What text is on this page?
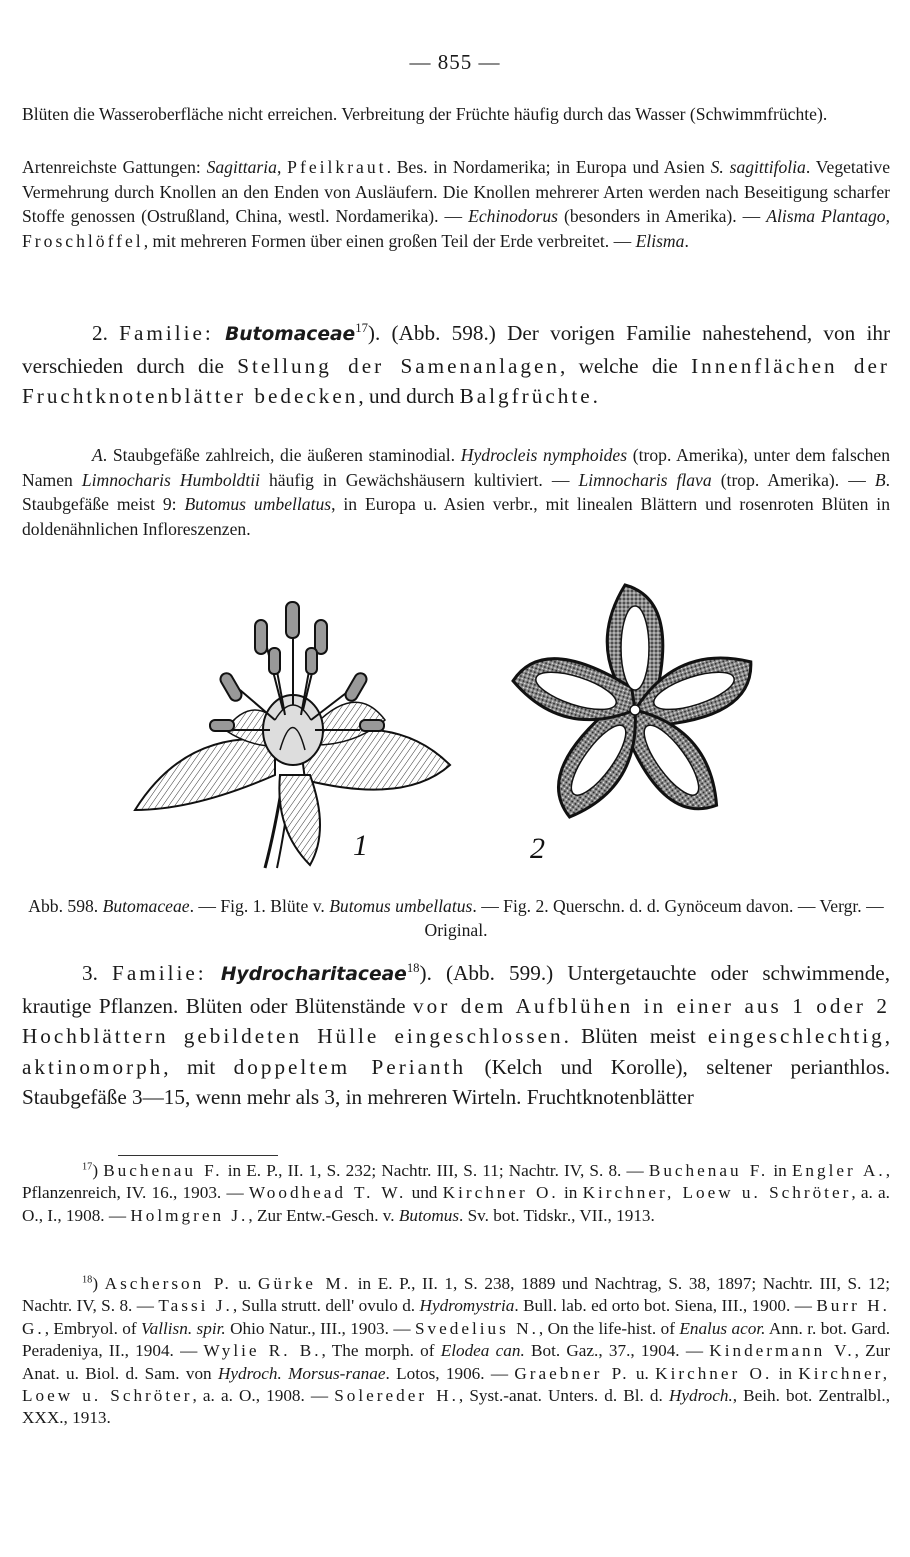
— 855 —

Blüten die Wasseroberfläche nicht erreichen. Verbreitung der Früchte häufig durch das Wasser (Schwimmfrüchte).

Artenreichste Gattungen: Sagittaria, Pfeilkraut. Bes. in Nordamerika; in Europa und Asien S. sagittifolia. Vegetative Vermehrung durch Knollen an den Enden von Ausläufern. Die Knollen mehrerer Arten werden nach Beseitigung scharfer Stoffe genossen (Ostrußland, China, westl. Nordamerika). — Echinodorus (besonders in Amerika). — Alisma Plantago, Froschlöffel, mit mehreren Formen über einen großen Teil der Erde verbreitet. — Elisma.

2. Familie: Butomaceae$^{17}$). (Abb. 598.) Der vorigen Familie nahestehend, von ihr verschieden durch die Stellung der Samenanlagen, welche die Innenflächen der Fruchtknotenblätter bedecken, und durch Balgfrüchte.

A. Staubgefäße zahlreich, die äußeren staminodial. Hydrocleis nymphoides (trop. Amerika), unter dem falschen Namen Limnocharis Humboldtii häufig in Gewächshäusern kultiviert. — Limnocharis flava (trop. Amerika). — B. Staubgefäße meist 9: Butomus umbellatus, in Europa u. Asien verbr., mit linealen Blättern und rosenroten Blüten in doldenähnlichen Infloreszenzen.

1	2

Abb. 598. Butomaceae. — Fig. 1. Blüte v. Butomus umbellatus. — Fig. 2. Querschn. d. d. Gynöceum davon. — Vergr. — Original.

3. Familie: Hydrocharitaceae$^{18}$). (Abb. 599.) Untergetauchte oder schwimmende, krautige Pflanzen. Blüten oder Blütenstände vor dem Aufblühen in einer aus 1 oder 2 Hochblättern gebildeten Hülle eingeschlossen. Blüten meist eingeschlechtig, aktinomorph, mit doppeltem Perianth (Kelch und Korolle), seltener perianthlos. Staubgefäße 3—15, wenn mehr als 3, in mehreren Wirteln. Fruchtknotenblätter

$^{17}$) Buchenau F. in E. P., II. 1, S. 232; Nachtr. III, S. 11; Nachtr. IV, S. 8. — Buchenau F. in Engler A., Pflanzenreich, IV. 16., 1903. — Woodhead T. W. und Kirchner O. in Kirchner, Loew u. Schröter, a. a. O., I., 1908. — Holmgren J., Zur Entw.-Gesch. v. Butomus. Sv. bot. Tidskr., VII., 1913.

$^{18}$) Ascherson P. u. Gürke M. in E. P., II. 1, S. 238, 1889 und Nachtrag, S. 38, 1897; Nachtr. III, S. 12; Nachtr. IV, S. 8. — Tassi J., Sulla strutt. dell' ovulo d. Hydromystria. Bull. lab. ed orto bot. Siena, III., 1900. — Burr H. G., Embryol. of Vallisn. spir. Ohio Natur., III., 1903. — Svedelius N., On the life-hist. of Enalus acor. Ann. r. bot. Gard. Peradeniya, II., 1904. — Wylie R. B., The morph. of Elodea can. Bot. Gaz., 37., 1904. — Kindermann V., Zur Anat. u. Biol. d. Sam. von Hydroch. Morsus-ranae. Lotos, 1906. — Graebner P. u. Kirchner O. in Kirchner, Loew u. Schröter, a. a. O., 1908. — Solereder H., Syst.-anat. Unters. d. Bl. d. Hydroch., Beih. bot. Zentralbl., XXX., 1913.
